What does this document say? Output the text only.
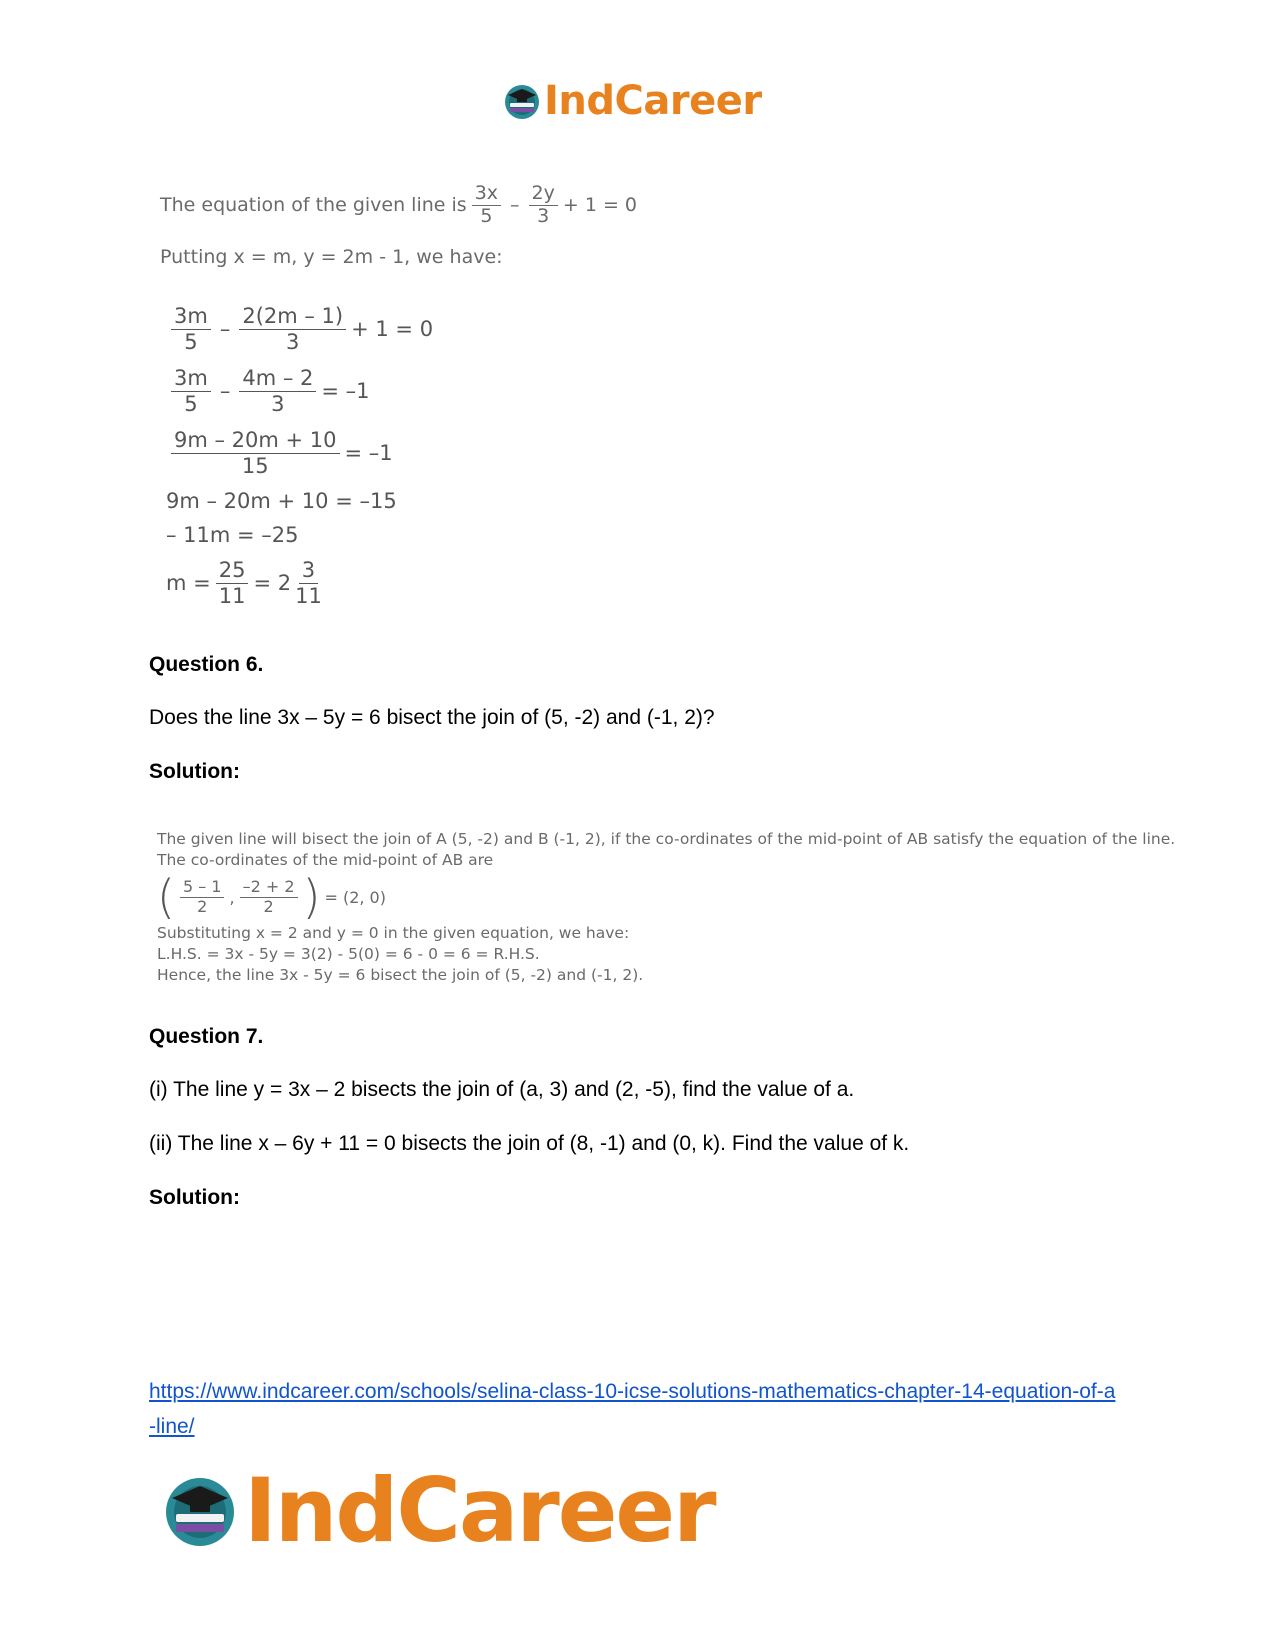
IndCareer
The equation of the given line is $\frac{3x}{5} - \frac{2y}{3} + 1 = 0$
Putting x = m, y = 2m - 1, we have:
$\frac{3m}{5} - \frac{2(2m - 1)}{3} + 1 = 0$
$\frac{3m}{5} - \frac{4m - 2}{3} = -1$
$\frac{9m - 20m + 10}{15} = -1$
9m – 20m + 10 = –15
– 11m = –25
$m = \frac{25}{11} = 2 \frac{3}{11}$
Question 6.
Does the line 3x – 5y = 6 bisect the join of (5, -2) and (-1, 2)?
Solution:
The given line will bisect the join of A (5, -2) and B (-1, 2), if the co-ordinates of the mid-point of AB satisfy the equation of the line.
The co-ordinates of the mid-point of AB are
( $\frac{5 - 1}{2}$ , $\frac{-2 + 2}{2}$ ) = (2, 0)
Substituting x = 2 and y = 0 in the given equation, we have:
L.H.S. = 3x - 5y = 3(2) - 5(0) = 6 - 0 = 6 = R.H.S.
Hence, the line 3x - 5y = 6 bisect the join of (5, -2) and (-1, 2).
Question 7.
(i) The line y = 3x – 2 bisects the join of (a, 3) and (2, -5), find the value of a.
(ii) The line x – 6y + 11 = 0 bisects the join of (8, -1) and (0, k). Find the value of k.
Solution:
https://www.indcareer.com/schools/selina-class-10-icse-solutions-mathematics-chapter-14-equation-of-a-line/
IndCareer
